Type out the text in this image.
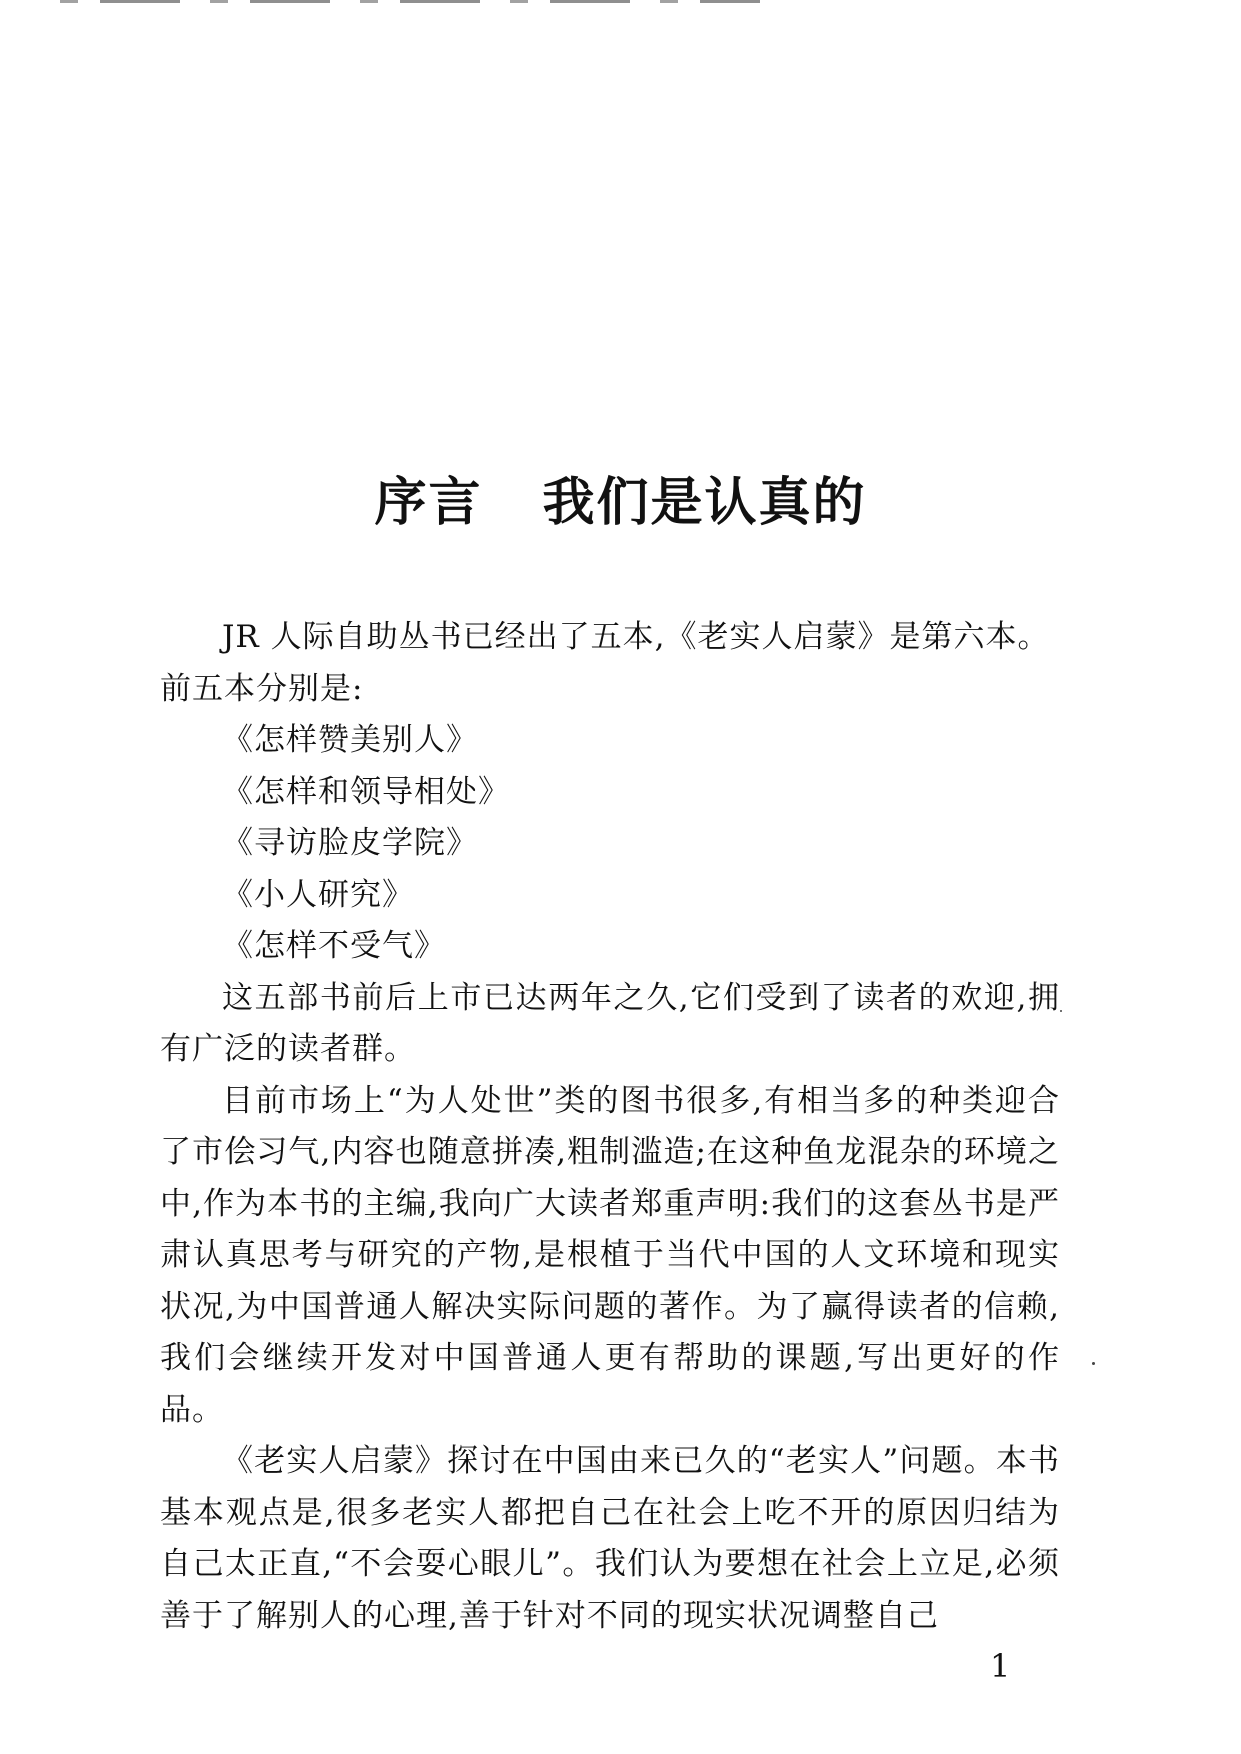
序言 我们是认真的

JR 人际自助丛书已经出了五本,《老实人启蒙》是第六本。

前五本分别是:

《怎样赞美别人》

《怎样和领导相处》

《寻访脸皮学院》

《小人研究》

《怎样不受气》

这五部书前后上市已达两年之久,它们受到了读者的欢迎,拥有广泛的读者群。

目前市场上“为人处世”类的图书很多,有相当多的种类迎合了市侩习气,内容也随意拼凑,粗制滥造;在这种鱼龙混杂的环境之中,作为本书的主编,我向广大读者郑重声明:我们的这套丛书是严肃认真思考与研究的产物,是根植于当代中国的人文环境和现实状况,为中国普通人解决实际问题的著作。为了赢得读者的信赖,我们会继续开发对中国普通人更有帮助的课题,写出更好的作品。

《老实人启蒙》探讨在中国由来已久的“老实人”问题。本书基本观点是,很多老实人都把自己在社会上吃不开的原因归结为自己太正直,“不会耍心眼儿”。我们认为要想在社会上立足,必须善于了解别人的心理,善于针对不同的现实状况调整自己

1
